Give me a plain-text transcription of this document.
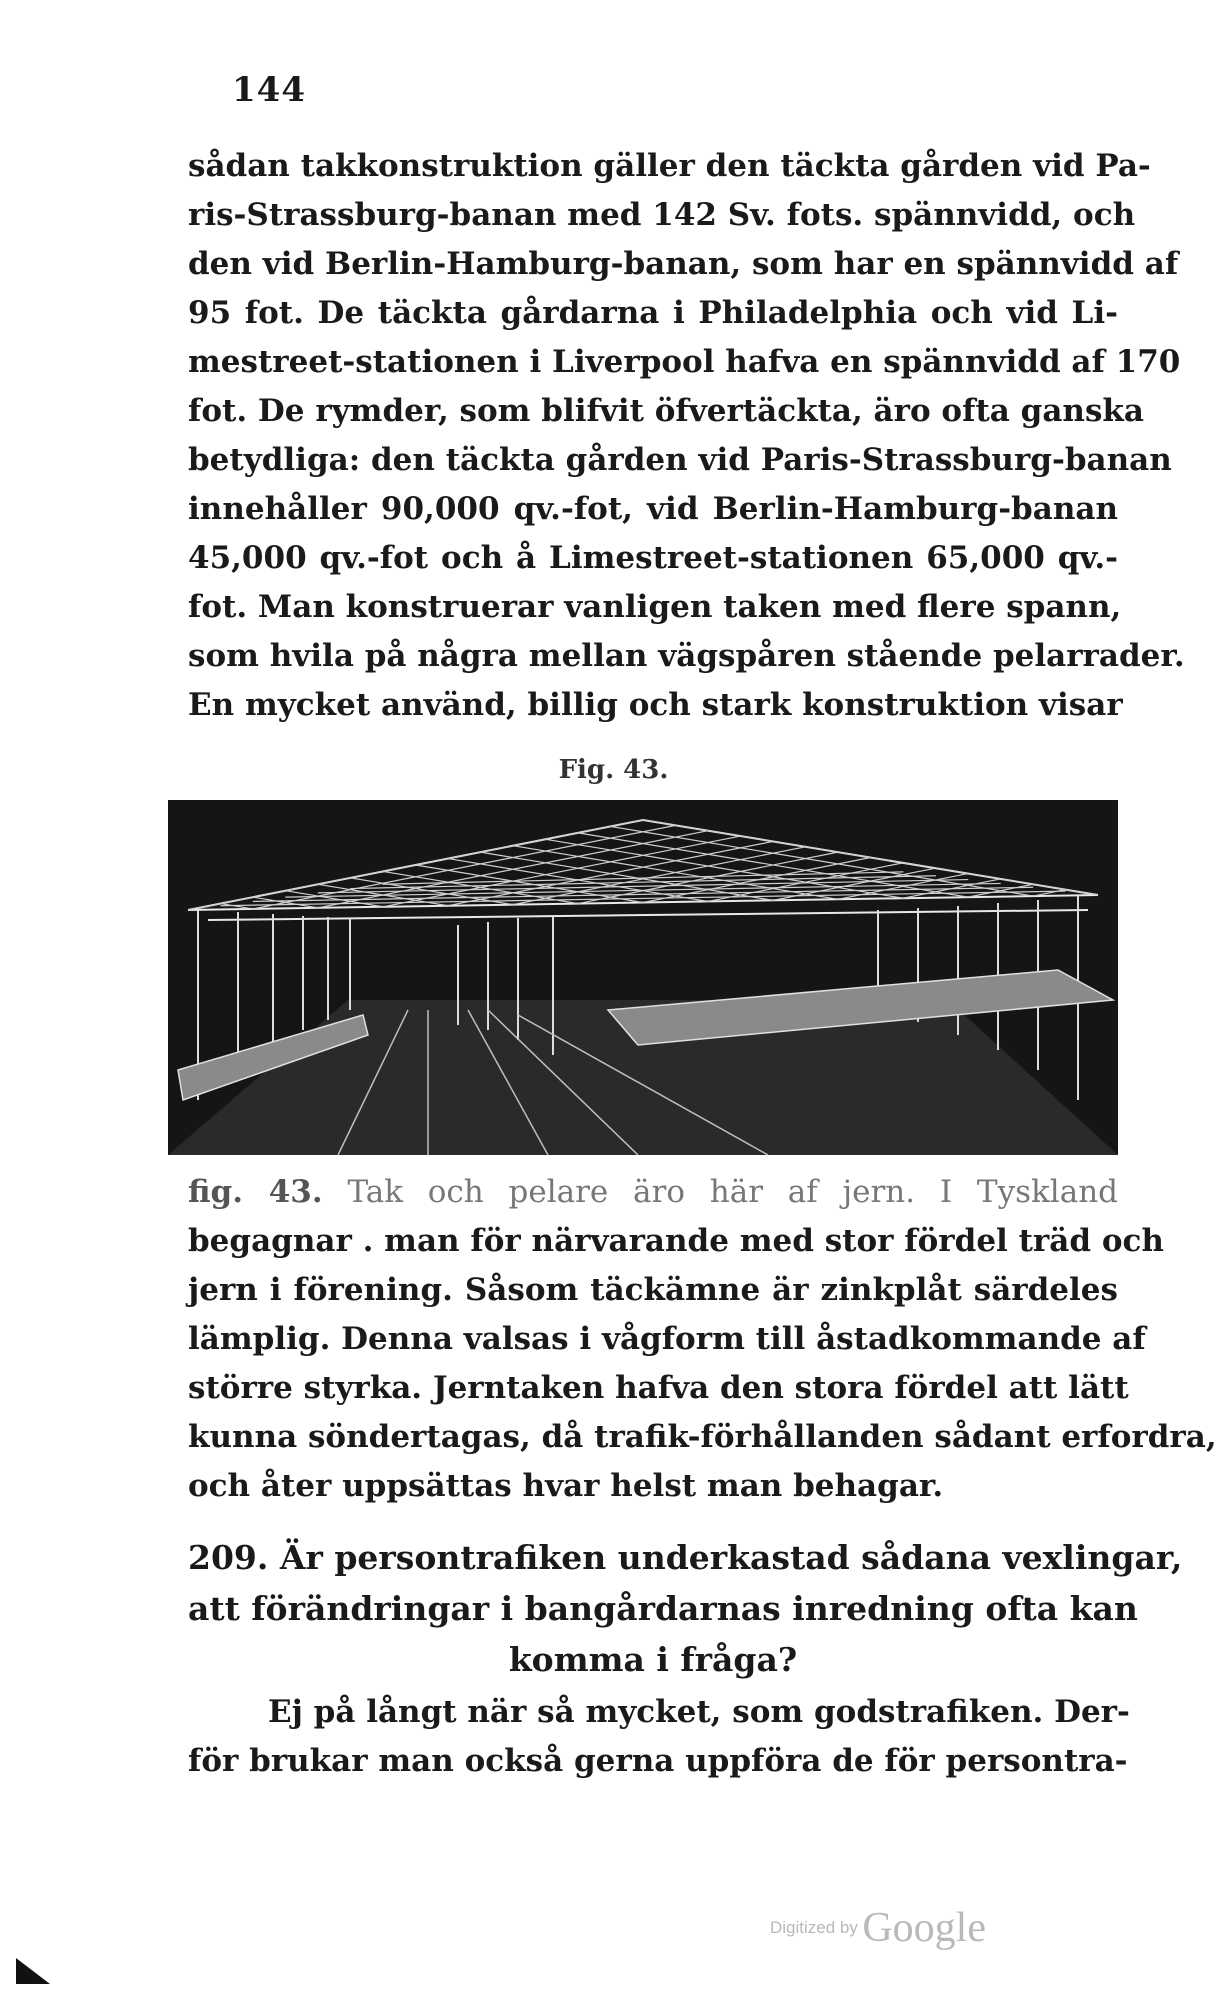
144
sådan takkonstruktion gäller den täckta gården vid Pa-
ris-Strassburg-banan med 142 Sv. fots. spännvidd, och
den vid Berlin-Hamburg-banan, som har en spännvidd af
95 fot. De täckta gårdarna i Philadelphia och vid Li-
mestreet-stationen i Liverpool hafva en spännvidd af 170
fot. De rymder, som blifvit öfvertäckta, äro ofta ganska
betydliga: den täckta gården vid Paris-Strassburg-banan
innehåller 90,000 qv.-fot, vid Berlin-Hamburg-banan
45,000 qv.-fot och å Limestreet-stationen 65,000 qv.-
fot. Man konstruerar vanligen taken med flere spann,
som hvila på några mellan vägspåren stående pelarrader.
En mycket använd, billig och stark konstruktion visar
Fig. 43.
fig. 43. Tak och pelare äro här af jern. I Tyskland
begagnar . man för närvarande med stor fördel träd och
jern i förening. Såsom täckämne är zinkplåt särdeles
lämplig. Denna valsas i vågform till åstadkommande af
större styrka. Jerntaken hafva den stora fördel att lätt
kunna söndertagas, då trafik-förhållanden sådant erfordra,
och åter uppsättas hvar helst man behagar.
209. Är persontrafiken underkastad sådana vexlingar,
att förändringar i bangårdarnas inredning ofta kan
komma i fråga?
Ej på långt när så mycket, som godstrafiken. Der-
för brukar man också gerna uppföra de för persontra-
Digitized by Google
